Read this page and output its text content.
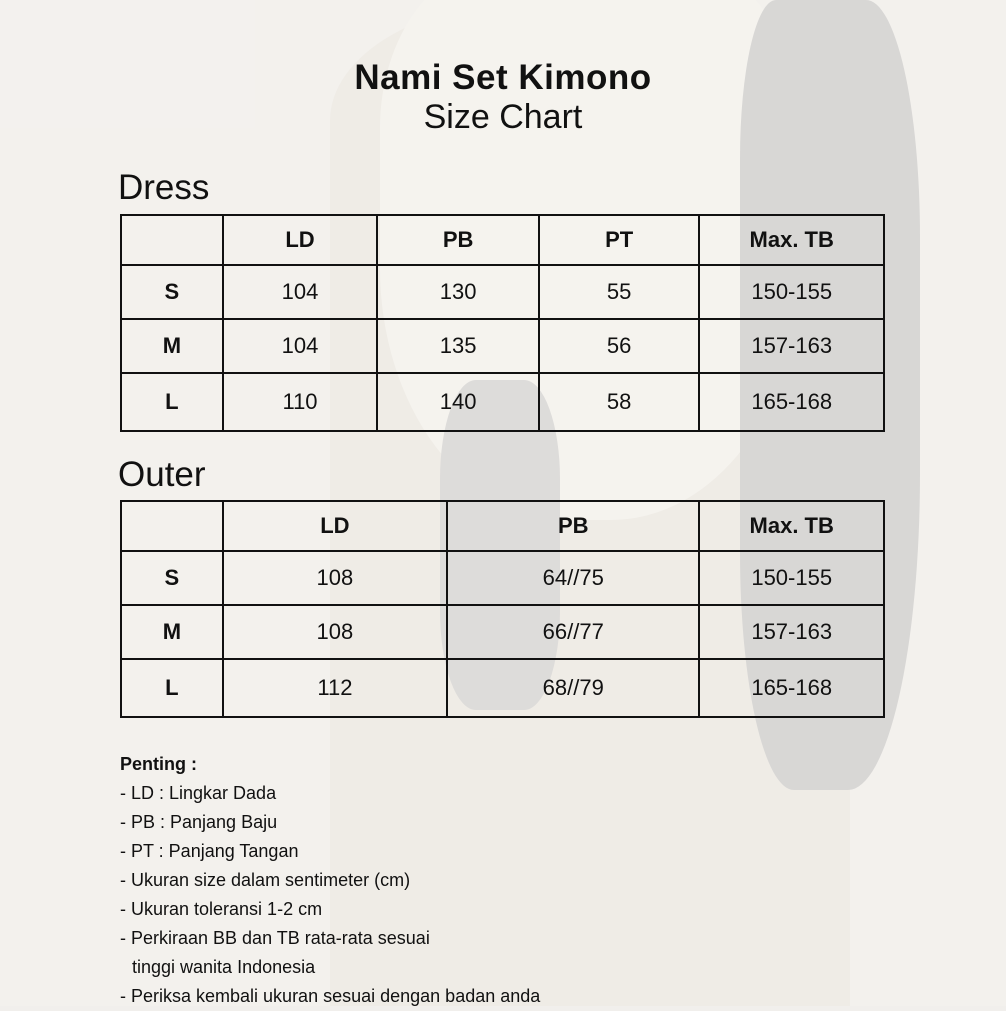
Nami Set Kimono
Size Chart
Dress
	LD	PB	PT	Max. TB
S	104	130	55	150-155
M	104	135	56	157-163
L	110	140	58	165-168
Outer
	LD	PB	Max. TB
S	108	64//75	150-155
M	108	66//77	157-163
L	112	68//79	165-168
Penting :
- LD : Lingkar Dada
- PB : Panjang Baju
- PT : Panjang Tangan
- Ukuran size dalam sentimeter (cm)
- Ukuran toleransi 1-2 cm
- Perkiraan BB dan TB rata-rata sesuai
tinggi wanita Indonesia
- Periksa kembali ukuran sesuai dengan badan anda
